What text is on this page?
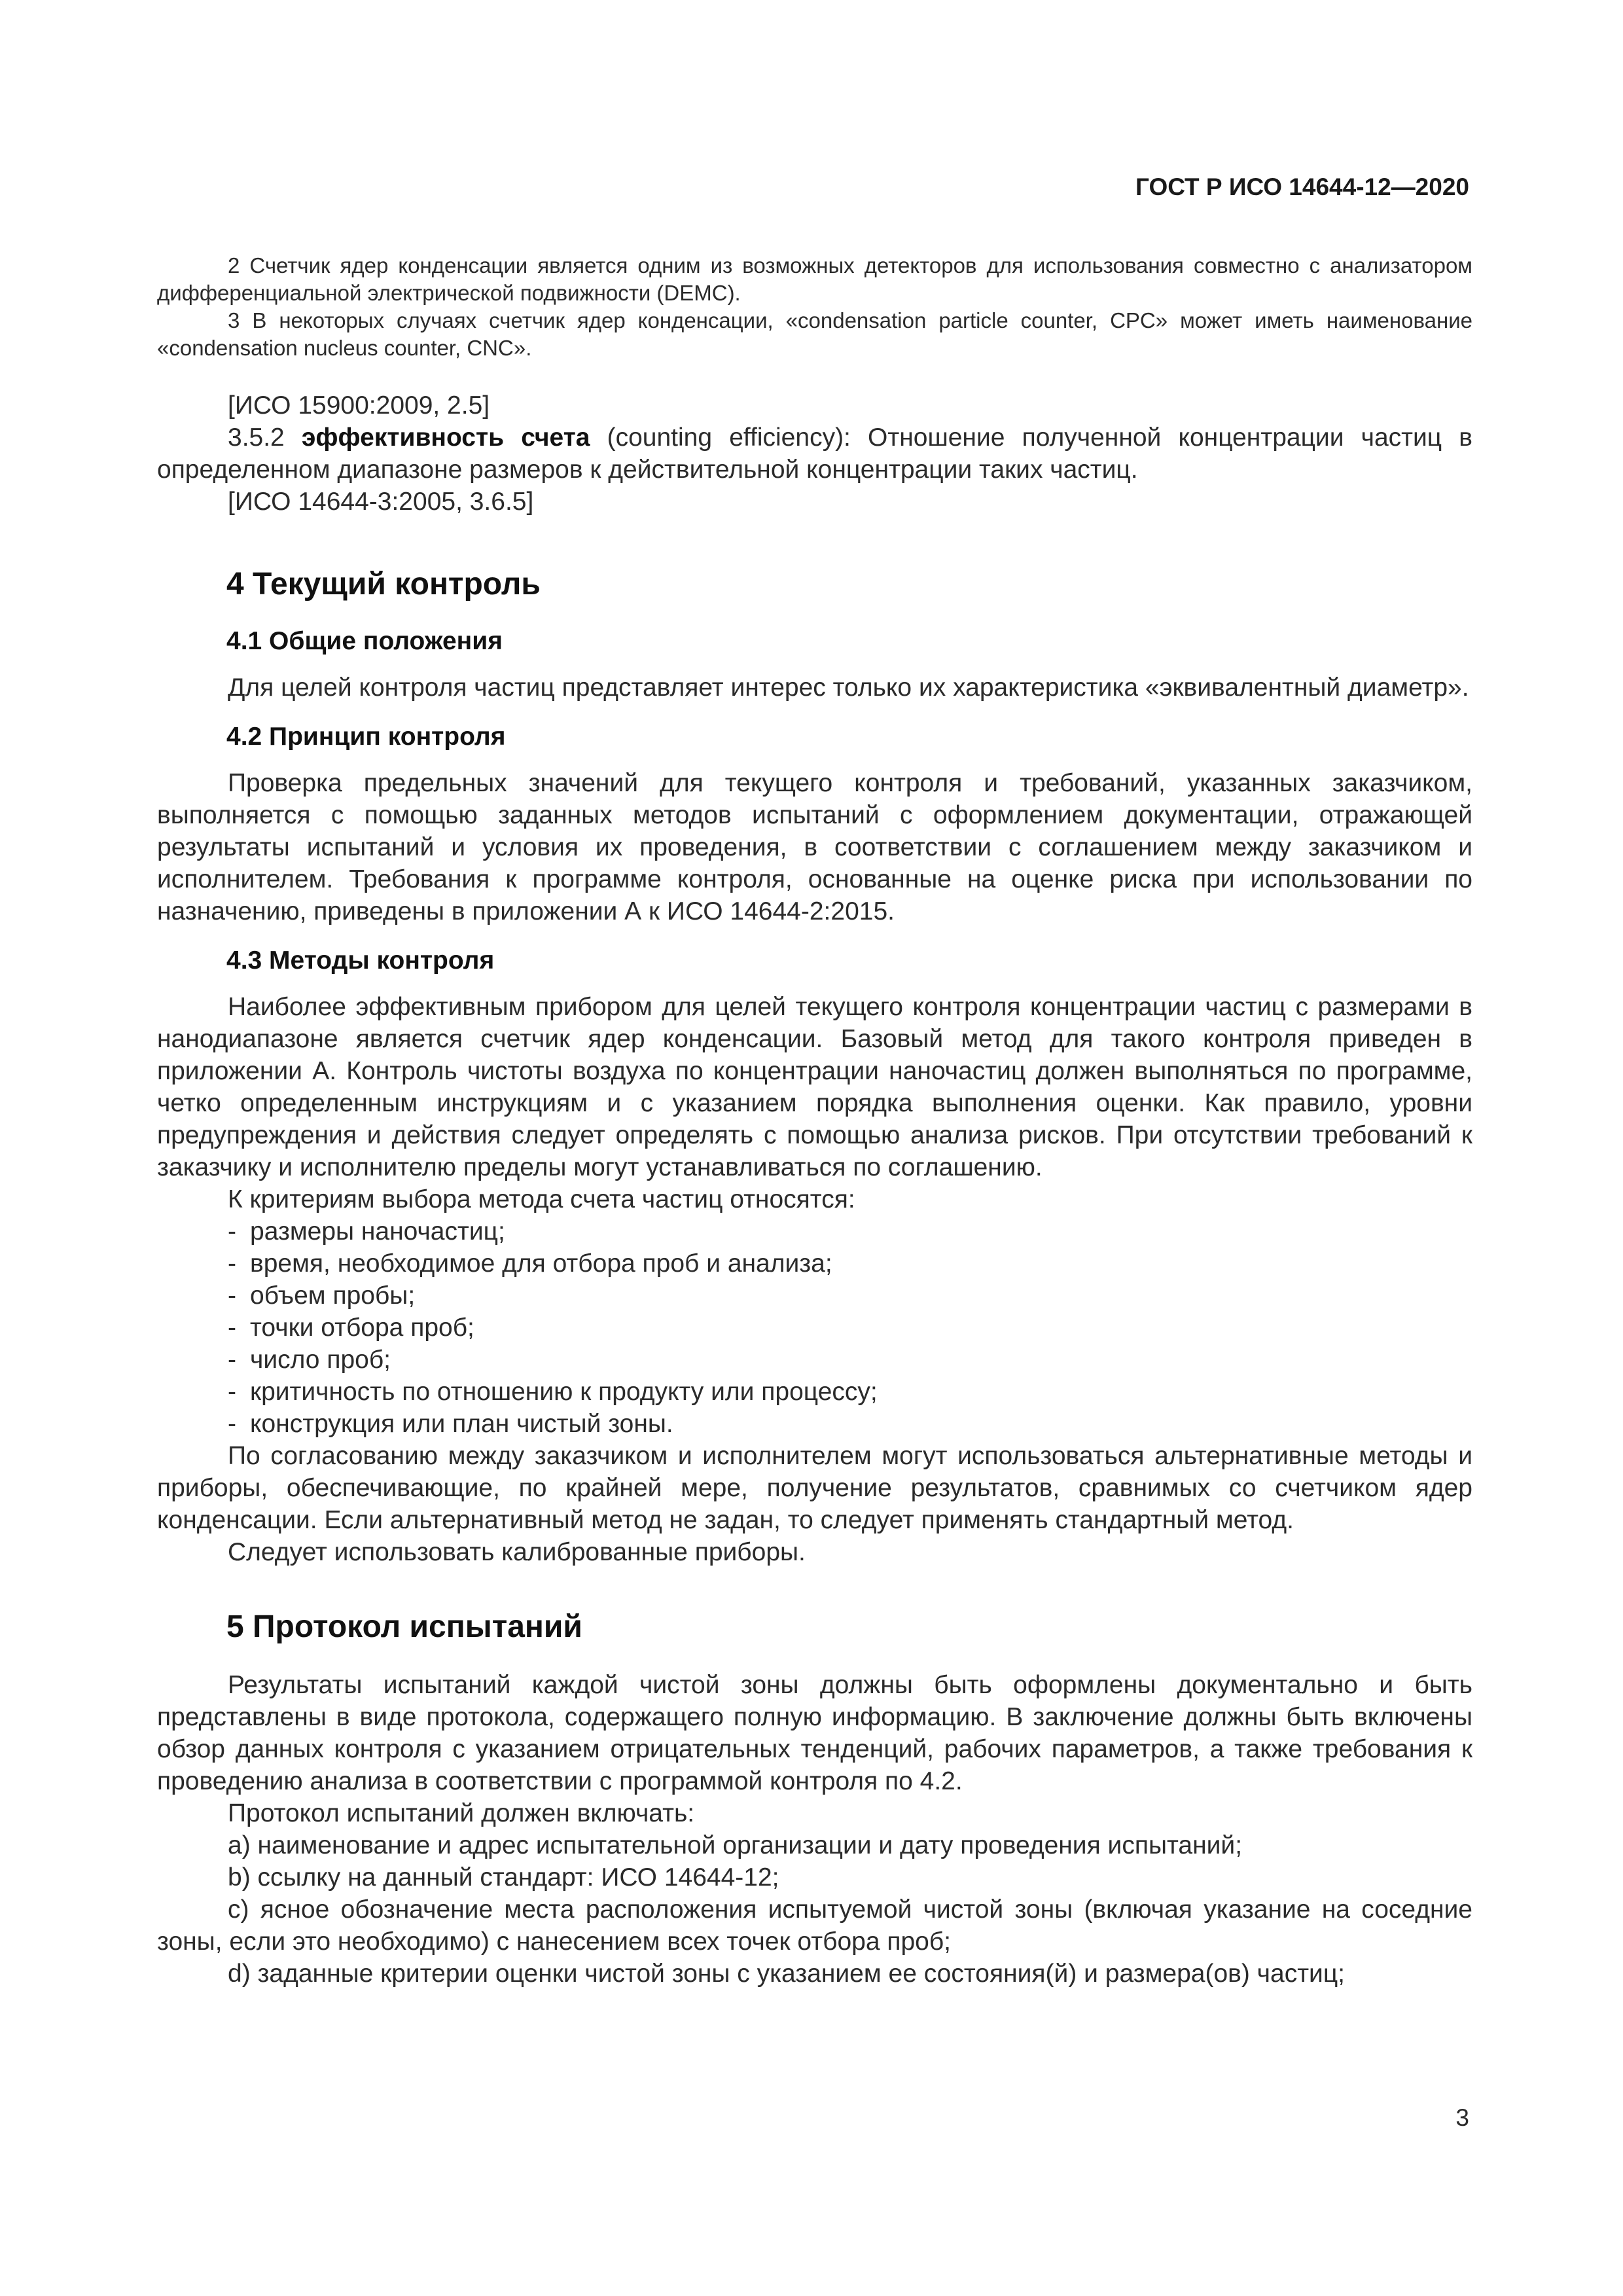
ГОСТ Р ИСО 14644-12—2020

2 Счетчик ядер конденсации является одним из возможных детекторов для использования совместно с анализатором дифференциальной электрической подвижности (DEMC).

3 В некоторых случаях счетчик ядер конденсации, «condensation particle counter, CPC» может иметь наименование «condensation nucleus counter, CNC».

[ИСО 15900:2009, 2.5]

3.5.2 эффективность счета (counting efficiency): Отношение полученной концентрации частиц в определенном диапазоне размеров к действительной концентрации таких частиц.

[ИСО 14644-3:2005, 3.6.5]

4 Текущий контроль
4.1 Общие положения

Для целей контроля частиц представляет интерес только их характеристика «эквивалентный диаметр».

4.2 Принцип контроля

Проверка предельных значений для текущего контроля и требований, указанных заказчиком, выполняется с помощью заданных методов испытаний с оформлением документации, отражающей результаты испытаний и условия их проведения, в соответствии с соглашением между заказчиком и исполнителем. Требования к программе контроля, основанные на оценке риска при использовании по назначению, приведены в приложении А к ИСО 14644-2:2015.

4.3 Методы контроля

Наиболее эффективным прибором для целей текущего контроля концентрации частиц с размерами в нанодиапазоне является счетчик ядер конденсации. Базовый метод для такого контроля приведен в приложении А. Контроль чистоты воздуха по концентрации наночастиц должен выполняться по программе, четко определенным инструкциям и с указанием порядка выполнения оценки. Как правило, уровни предупреждения и действия следует определять с помощью анализа рисков. При отсутствии требований к заказчику и исполнителю пределы могут устанавливаться по соглашению.

К критериям выбора метода счета частиц относятся:

- размеры наночастиц;

- время, необходимое для отбора проб и анализа;

- объем пробы;

- точки отбора проб;

- число проб;

- критичность по отношению к продукту или процессу;

- конструкция или план чистый зоны.

По согласованию между заказчиком и исполнителем могут использоваться альтернативные методы и приборы, обеспечивающие, по крайней мере, получение результатов, сравнимых со счетчиком ядер конденсации. Если альтернативный метод не задан, то следует применять стандартный метод.

Следует использовать калиброванные приборы.

5 Протокол испытаний

Результаты испытаний каждой чистой зоны должны быть оформлены документально и быть представлены в виде протокола, содержащего полную информацию. В заключение должны быть включены обзор данных контроля с указанием отрицательных тенденций, рабочих параметров, а также требования к проведению анализа в соответствии с программой контроля по 4.2.

Протокол испытаний должен включать:

a) наименование и адрес испытательной организации и дату проведения испытаний;

b) ссылку на данный стандарт: ИСО 14644-12;

c) ясное обозначение места расположения испытуемой чистой зоны (включая указание на соседние зоны, если это необходимо) с нанесением всех точек отбора проб;

d) заданные критерии оценки чистой зоны с указанием ее состояния(й) и размера(ов) частиц;

3
